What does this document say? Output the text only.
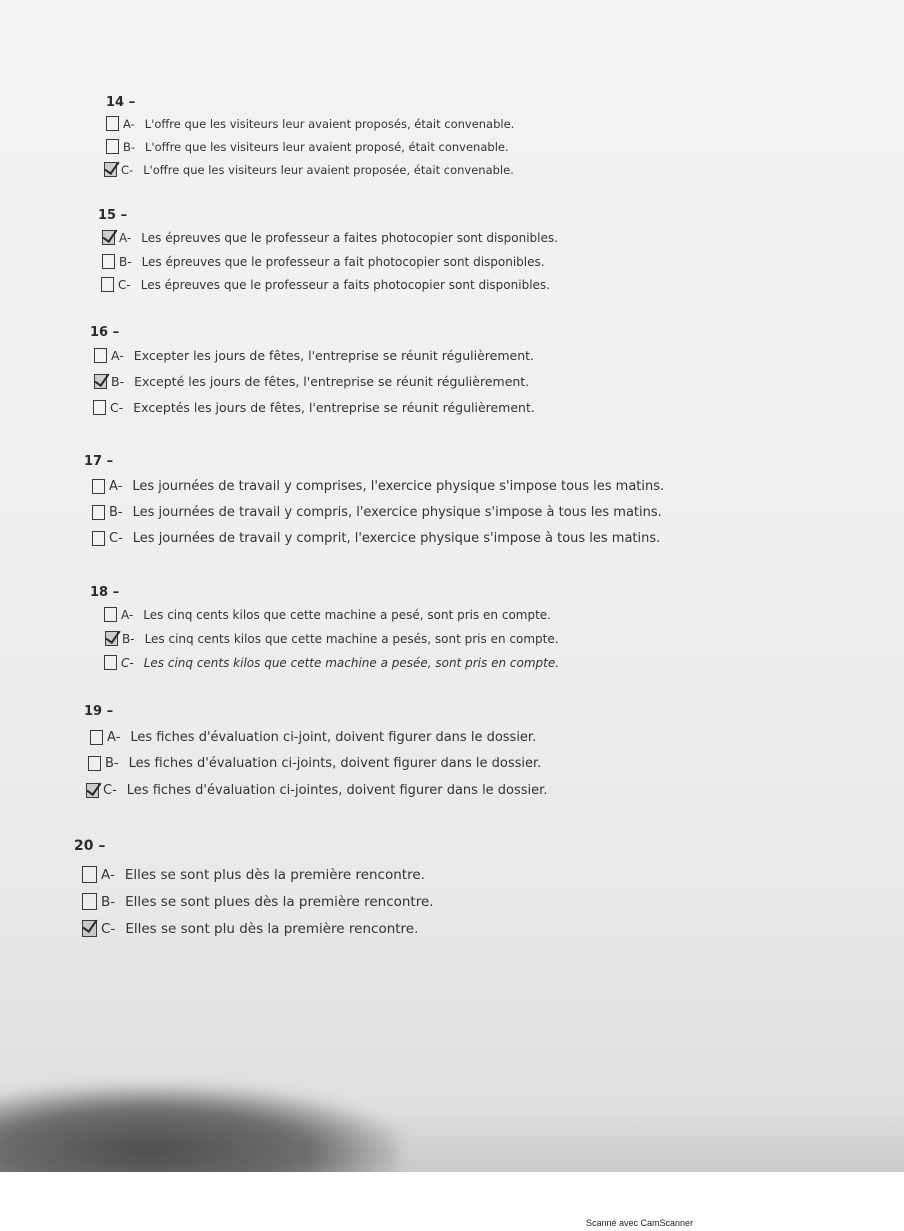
14 –
A- L'offre que les visiteurs leur avaient proposés, était convenable.
B- L'offre que les visiteurs leur avaient proposé, était convenable.
C- L'offre que les visiteurs leur avaient proposée, était convenable.
15 –
A- Les épreuves que le professeur a faites photocopier sont disponibles.
B- Les épreuves que le professeur a fait photocopier sont disponibles.
C- Les épreuves que le professeur a faits photocopier sont disponibles.
16 –
A- Excepter les jours de fêtes, l'entreprise se réunit régulièrement.
B- Excepté les jours de fêtes, l'entreprise se réunit régulièrement.
C- Exceptés les jours de fêtes, l'entreprise se réunit régulièrement.
17 –
A- Les journées de travail y comprises, l'exercice physique s'impose tous les matins.
B- Les journées de travail y compris, l'exercice physique s'impose à tous les matins.
C- Les journées de travail y comprit, l'exercice physique s'impose à tous les matins.
18 –
A- Les cinq cents kilos que cette machine a pesé, sont pris en compte.
B- Les cinq cents kilos que cette machine a pesés, sont pris en compte.
C- Les cinq cents kilos que cette machine a pesée, sont pris en compte.
19 –
A- Les fiches d'évaluation ci-joint, doivent figurer dans le dossier.
B- Les fiches d'évaluation ci-joints, doivent figurer dans le dossier.
C- Les fiches d'évaluation ci-jointes, doivent figurer dans le dossier.
20 –
A- Elles se sont plus dès la première rencontre.
B- Elles se sont plues dès la première rencontre.
C- Elles se sont plu dès la première rencontre.
Scanné avec CamScanner
